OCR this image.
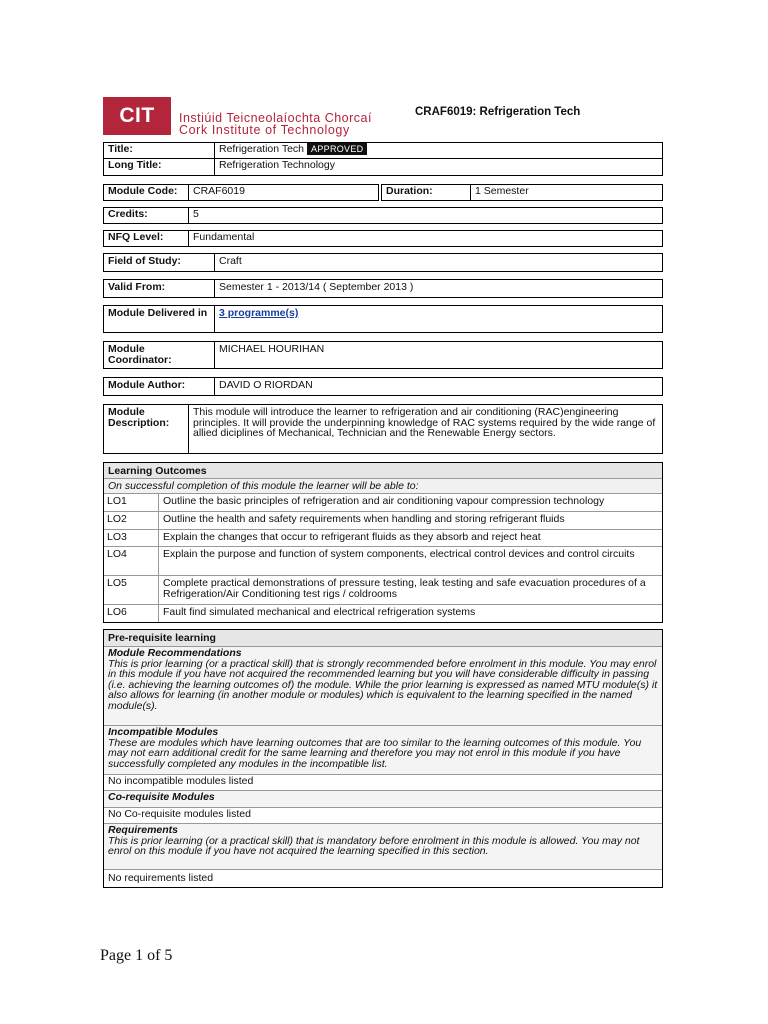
CIT Instiúid Teicneolaíochta Chorcaí
Cork Institute of Technology
CRAF6019: Refrigeration Tech
Title:	Refrigeration Tech APPROVED
Long Title:	Refrigeration Technology
Module Code:	CRAF6019	Duration:	1 Semester
Credits:	5
NFQ Level:	Fundamental
Field of Study:	Craft
Valid From:	Semester 1 - 2013/14 ( September 2013 )
Module Delivered in	3 programme(s)
Module Coordinator:
MICHAEL HOURIHAN
Module Author:	DAVID O RIORDAN
Module Description:
This module will introduce the learner to refrigeration and air conditioning (RAC)engineering principles. It will provide the underpinning knowledge of RAC systems required by the wide range of allied diciplines of Mechanical, Technician and the Renewable Energy sectors.
Learning Outcomes
On successful completion of this module the learner will be able to:
LO1	Outline the basic principles of refrigeration and air conditioning vapour compression technology
LO2	Outline the health and safety requirements when handling and storing refrigerant fluids
LO3	Explain the changes that occur to refrigerant fluids as they absorb and reject heat
LO4	Explain the purpose and function of system components, electrical control devices and control circuits
LO5	Complete practical demonstrations of pressure testing, leak testing and safe evacuation procedures of a Refrigeration/Air Conditioning test rigs / coldrooms
LO6	Fault find simulated mechanical and electrical refrigeration systems
Pre-requisite learning
Module Recommendations
This is prior learning (or a practical skill) that is strongly recommended before enrolment in this module. You may enrol in this module if you have not acquired the recommended learning but you will have considerable difficulty in passing (i.e. achieving the learning outcomes of) the module. While the prior learning is expressed as named MTU module(s) it also allows for learning (in another module or modules) which is equivalent to the learning specified in the named module(s).
Incompatible Modules
These are modules which have learning outcomes that are too similar to the learning outcomes of this module. You may not earn additional credit for the same learning and therefore you may not enrol in this module if you have successfully completed any modules in the incompatible list.
No incompatible modules listed
Co-requisite Modules
No Co-requisite modules listed
Requirements
This is prior learning (or a practical skill) that is mandatory before enrolment in this module is allowed. You may not enrol on this module if you have not acquired the learning specified in this section.
No requirements listed
Page 1 of 5
